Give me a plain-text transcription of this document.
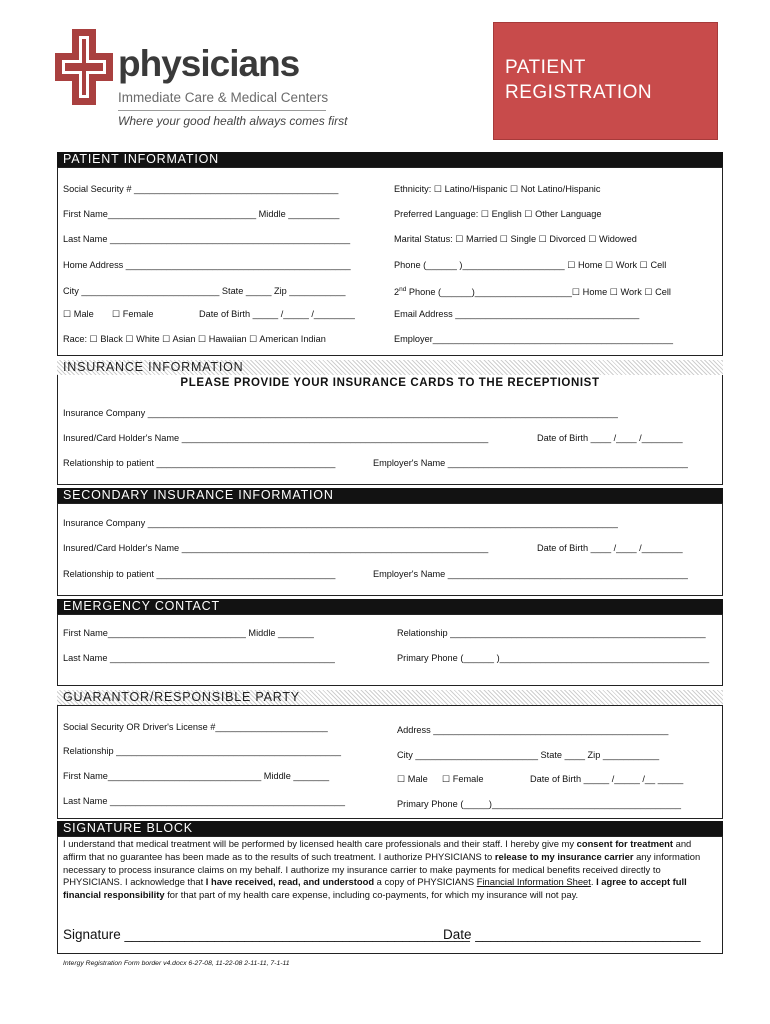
physicians
Immediate Care & Medical Centers
Where your good health always comes first
PATIENT
REGISTRATION
PATIENT INFORMATION
Social Security # ________________________________________
First Name_____________________________ Middle __________
Last Name _______________________________________________
Home Address ____________________________________________
City ___________________________ State _____ Zip ___________
☐ Male ☐ Female	Date of Birth _____ /_____ /________
Race: ☐ Black ☐ White ☐ Asian ☐ Hawaiian ☐ American Indian
Ethnicity: ☐ Latino/Hispanic ☐ Not Latino/Hispanic
Preferred Language: ☐ English ☐ Other Language
Marital Status: ☐ Married ☐ Single ☐ Divorced ☐ Widowed
Phone (______ )____________________ ☐ Home ☐ Work ☐ Cell
2nd Phone (______)___________________☐ Home ☐ Work ☐ Cell
Email Address ____________________________________
Employer_______________________________________________
INSURANCE INFORMATION
PLEASE PROVIDE YOUR INSURANCE CARDS TO THE RECEPTIONIST
Insurance Company ____________________________________________________________________________________________
Insured/Card Holder's Name ____________________________________________________________	Date of Birth ____ /____ /________
Relationship to patient ___________________________________	Employer's Name _______________________________________________
SECONDARY INSURANCE INFORMATION
Insurance Company ____________________________________________________________________________________________
Insured/Card Holder's Name ____________________________________________________________	Date of Birth ____ /____ /________
Relationship to patient ___________________________________	Employer's Name _______________________________________________
EMERGENCY CONTACT
First Name___________________________ Middle _______
Last Name ____________________________________________
Relationship __________________________________________________
Primary Phone (______ )_________________________________________
GUARANTOR/RESPONSIBLE PARTY
Social Security OR Driver's License #______________________
Relationship ____________________________________________
First Name______________________________ Middle _______
Last Name ______________________________________________
Address ______________________________________________
City ________________________ State ____ Zip ___________
☐ Male ☐ Female	Date of Birth _____ /_____ /__ _____
Primary Phone (_____)_____________________________________
SIGNATURE BLOCK
I understand that medical treatment will be performed by licensed health care professionals and their staff. I hereby give my consent for treatment and affirm that no guarantee has been made as to the results of such treatment. I authorize PHYSICIANS to release to my insurance carrier any information necessary to process insurance claims on my behalf. I authorize my insurance carrier to make payments for medical benefits received directly to PHYSICIANS. I acknowledge that I have received, read, and understood a copy of PHYSICIANS Financial Information Sheet. I agree to accept full financial responsibility for that part of my health care expense, including co-payments, for which my insurance will not pay.
Signature ______________________________________________
Date ______________________________
Intergy Registration Form border v4.docx 6-27-08, 11-22-08 2-11-11, 7-1-11
